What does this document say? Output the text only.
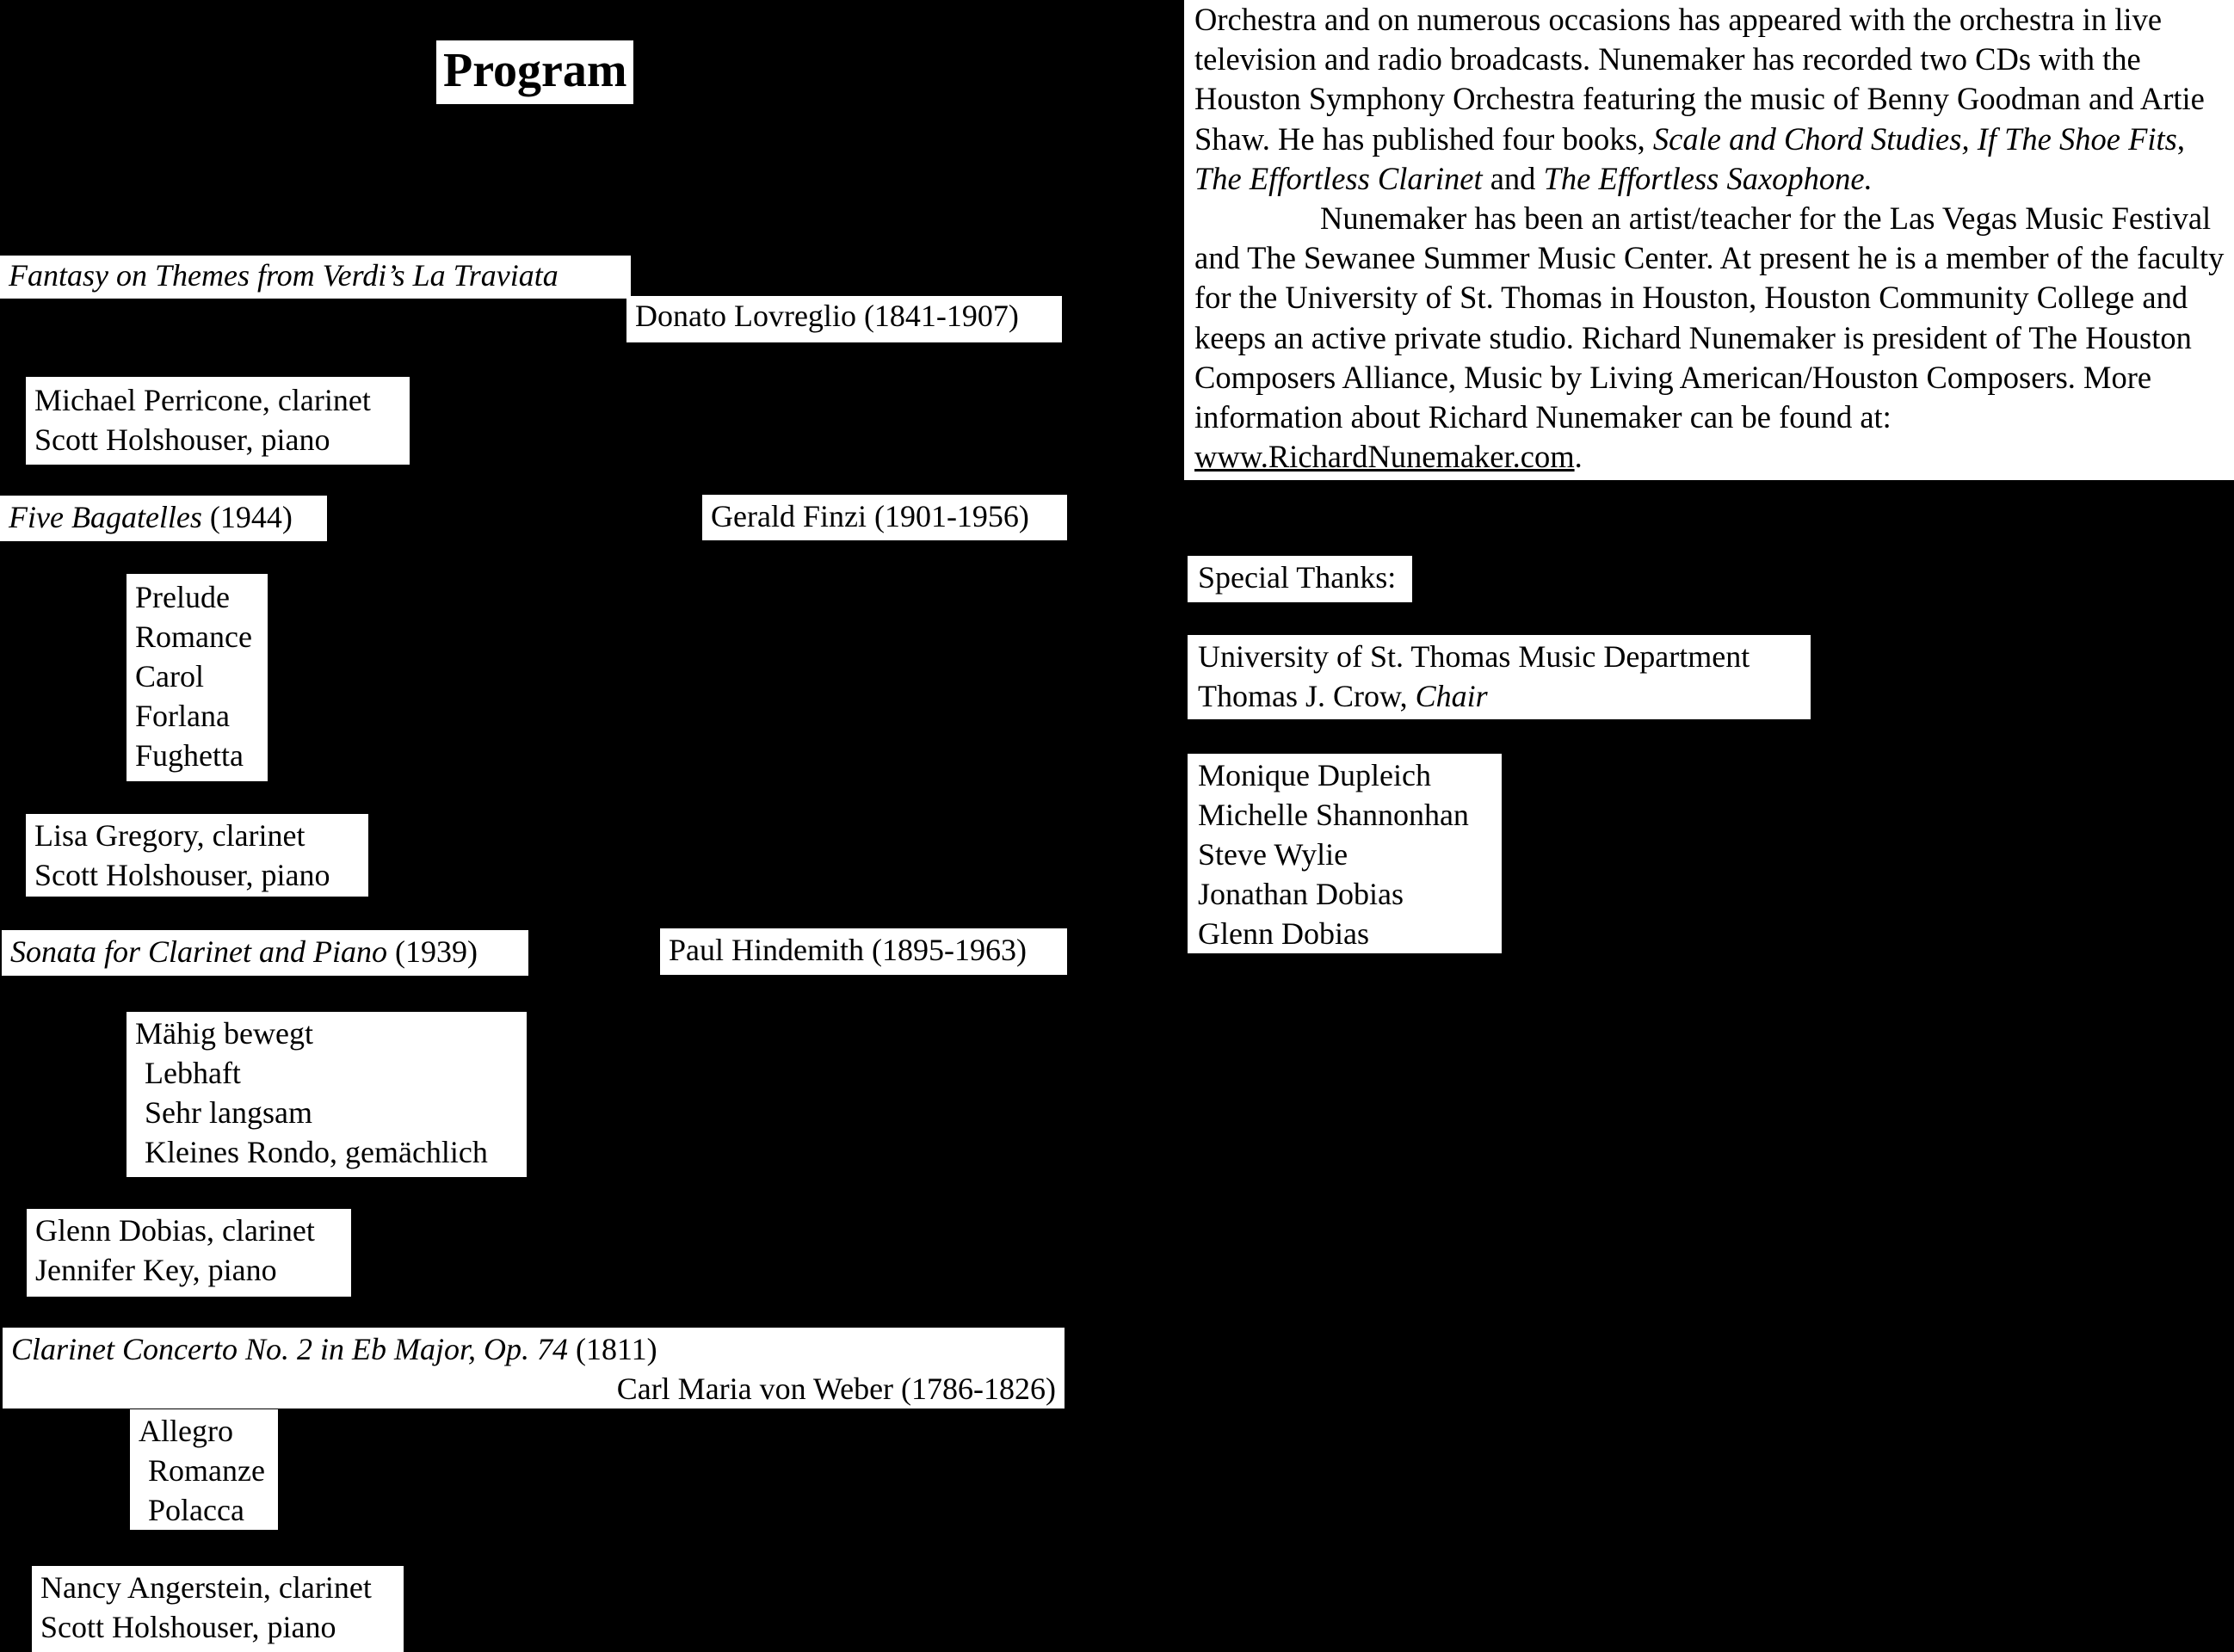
Program
Fantasy on Themes from Verdi’s La Traviata
Donato Lovreglio (1841-1907)
Michael Perricone, clarinet
Scott Holshouser, piano
Five Bagatelles (1944)	Gerald Finzi (1901-1956)
Prelude
Romance
Carol
Forlana
Fughetta
Lisa Gregory, clarinet
Scott Holshouser, piano
Sonata for Clarinet and Piano (1939)	Paul Hindemith (1895-1963)
Mähig bewegt
Lebhaft
Sehr langsam
Kleines Rondo, gemächlich
Glenn Dobias, clarinet
Jennifer Key, piano
Clarinet Concerto No. 2 in Eb Major, Op. 74 (1811)
Carl Maria von Weber (1786-1826)
Allegro
Romanze
Polacca
Nancy Angerstein, clarinet
Scott Holshouser, piano

Orchestra and on numerous occasions has appeared with the orchestra in live television and radio broadcasts. Nunemaker has recorded two CDs with the Houston Symphony Orchestra featuring the music of Benny Goodman and Artie Shaw. He has published four books, Scale and Chord Studies, If The Shoe Fits, The Effortless Clarinet and The Effortless Saxophone.

Nunemaker has been an artist/teacher for the Las Vegas Music Festival and The Sewanee Summer Music Center. At present he is a member of the faculty for the University of St. Thomas in Houston, Houston Community College and keeps an active private studio. Richard Nunemaker is president of The Houston Composers Alliance, Music by Living American/Houston Composers. More information about Richard Nunemaker can be found at: www.RichardNunemaker.com.

Special Thanks:
University of St. Thomas Music Department
Thomas J. Crow, Chair
Monique Dupleich
Michelle Shannonhan
Steve Wylie
Jonathan Dobias
Glenn Dobias
